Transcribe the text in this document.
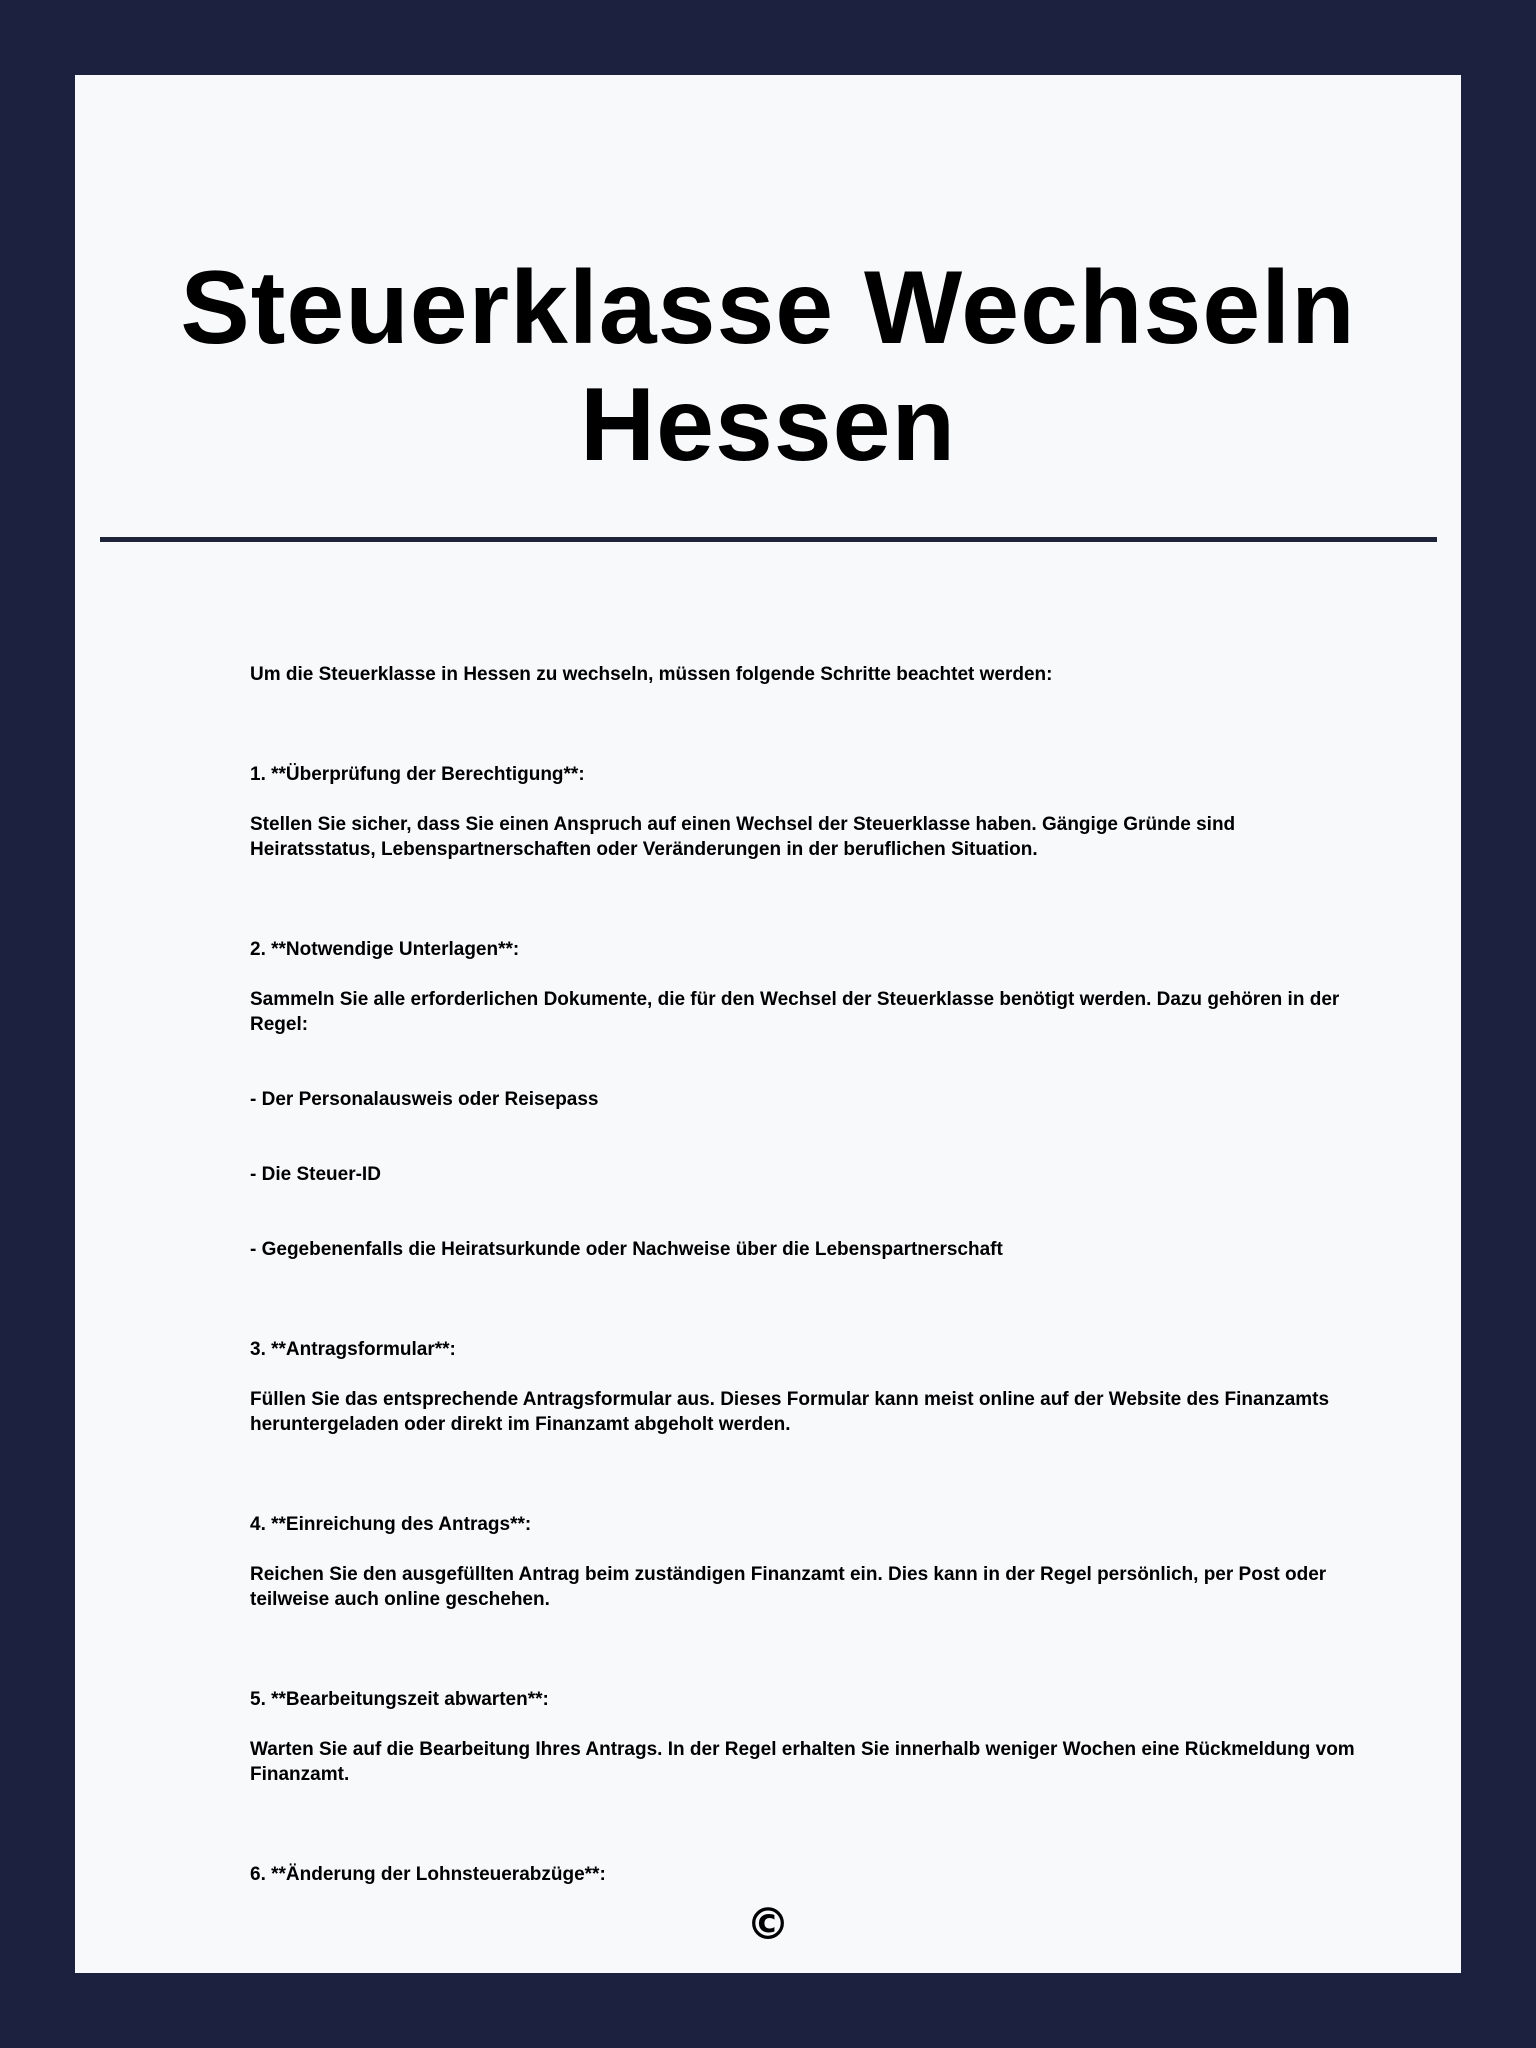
Steuerklasse Wechseln
Hessen

Um die Steuerklasse in Hessen zu wechseln, müssen folgende Schritte beachtet werden:

1. **Überprüfung der Berechtigung**:

Stellen Sie sicher, dass Sie einen Anspruch auf einen Wechsel der Steuerklasse haben. Gängige Gründe sind Heiratsstatus, Lebenspartnerschaften oder Veränderungen in der beruflichen Situation.

2. **Notwendige Unterlagen**:

Sammeln Sie alle erforderlichen Dokumente, die für den Wechsel der Steuerklasse benötigt werden. Dazu gehören in der Regel:

- Der Personalausweis oder Reisepass

- Die Steuer-ID

- Gegebenenfalls die Heiratsurkunde oder Nachweise über die Lebenspartnerschaft

3. **Antragsformular**:

Füllen Sie das entsprechende Antragsformular aus. Dieses Formular kann meist online auf der Website des Finanzamts heruntergeladen oder direkt im Finanzamt abgeholt werden.

4. **Einreichung des Antrags**:

Reichen Sie den ausgefüllten Antrag beim zuständigen Finanzamt ein. Dies kann in der Regel persönlich, per Post oder teilweise auch online geschehen.

5. **Bearbeitungszeit abwarten**:

Warten Sie auf die Bearbeitung Ihres Antrags. In der Regel erhalten Sie innerhalb weniger Wochen eine Rückmeldung vom Finanzamt.

6. **Änderung der Lohnsteuerabzüge**:

©
